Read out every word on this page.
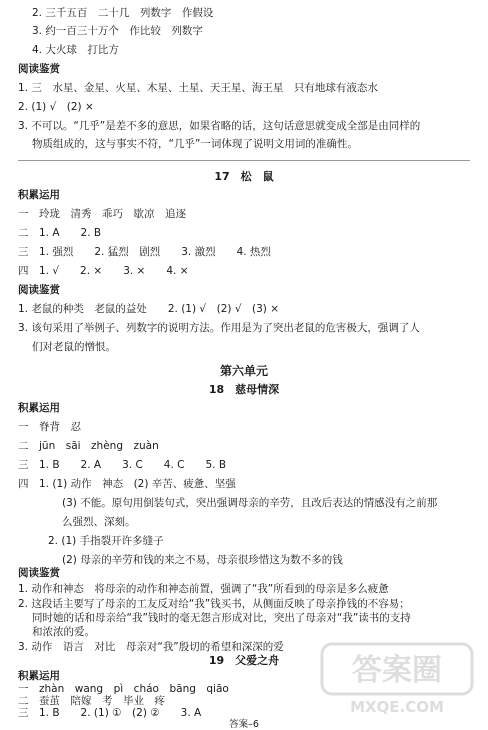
2. 三千五百　二十几　列数字　作假设
3. 约一百三十万个　作比较　列数字
4. 大火球　打比方
阅读鉴赏
1. 三　水星、金星、火星、木星、土星、天王星、海王星　只有地球有液态水
2. (1) √　(2) ×
3. 不可以。“几乎”是差不多的意思，如果省略的话，这句话意思就变成全部是由同样的
物质组成的，这与事实不符，“几乎”一词体现了说明文用词的准确性。
17　松　鼠
积累运用
一　玲珑　清秀　乖巧　歇凉　追逐
二　1. A　　2. B
三　1. 强烈　　2. 猛烈　剧烈　　3. 激烈　　4. 热烈
四　1. √　　2. ×　　3. ×　　4. ×
阅读鉴赏
1. 老鼠的种类　老鼠的益处　　2. (1) √　(2) √　(3) ×
3. 该句采用了举例子、列数字的说明方法。作用是为了突出老鼠的危害极大，强调了人
们对老鼠的憎恨。
第六单元
18　慈母情深
积累运用
一　脊背　忍
二　jūn　sāi　zhèng　zuàn
三　1. B　　2. A　　3. C　　4. C　　5. B
四　1. (1) 动作　神态　(2) 辛苦、疲惫、坚强
(3) 不能。原句用倒装句式，突出强调母亲的辛劳，且改后表达的情感没有之前那
么强烈、深刻。
2. (1) 手指裂开许多缝子
(2) 母亲的辛劳和钱的来之不易，母亲很珍惜这为数不多的钱
阅读鉴赏
1. 动作和神态　将母亲的动作和神态前置，强调了“我”所看到的母亲是多么疲惫
2. 这段话主要写了母亲的工友反对给“我”钱买书，从侧面反映了母亲挣钱的不容易；
同时她的话和母亲给“我”钱时的毫无怨言形成对比，突出了母亲对“我”读书的支持
和浓浓的爱。
3. 动作　语言　对比　母亲对“我”殷切的希望和深深的爱
答案–6
答案圈
MXQE.COM
19　父爱之舟
积累运用
一　zhàn　wang　pì　cháo　bāng　qiāo
二　蚕茧　陪嫁　考　毕业　疼
三　1. B　　2. (1) ①　(2) ②　　3. A
